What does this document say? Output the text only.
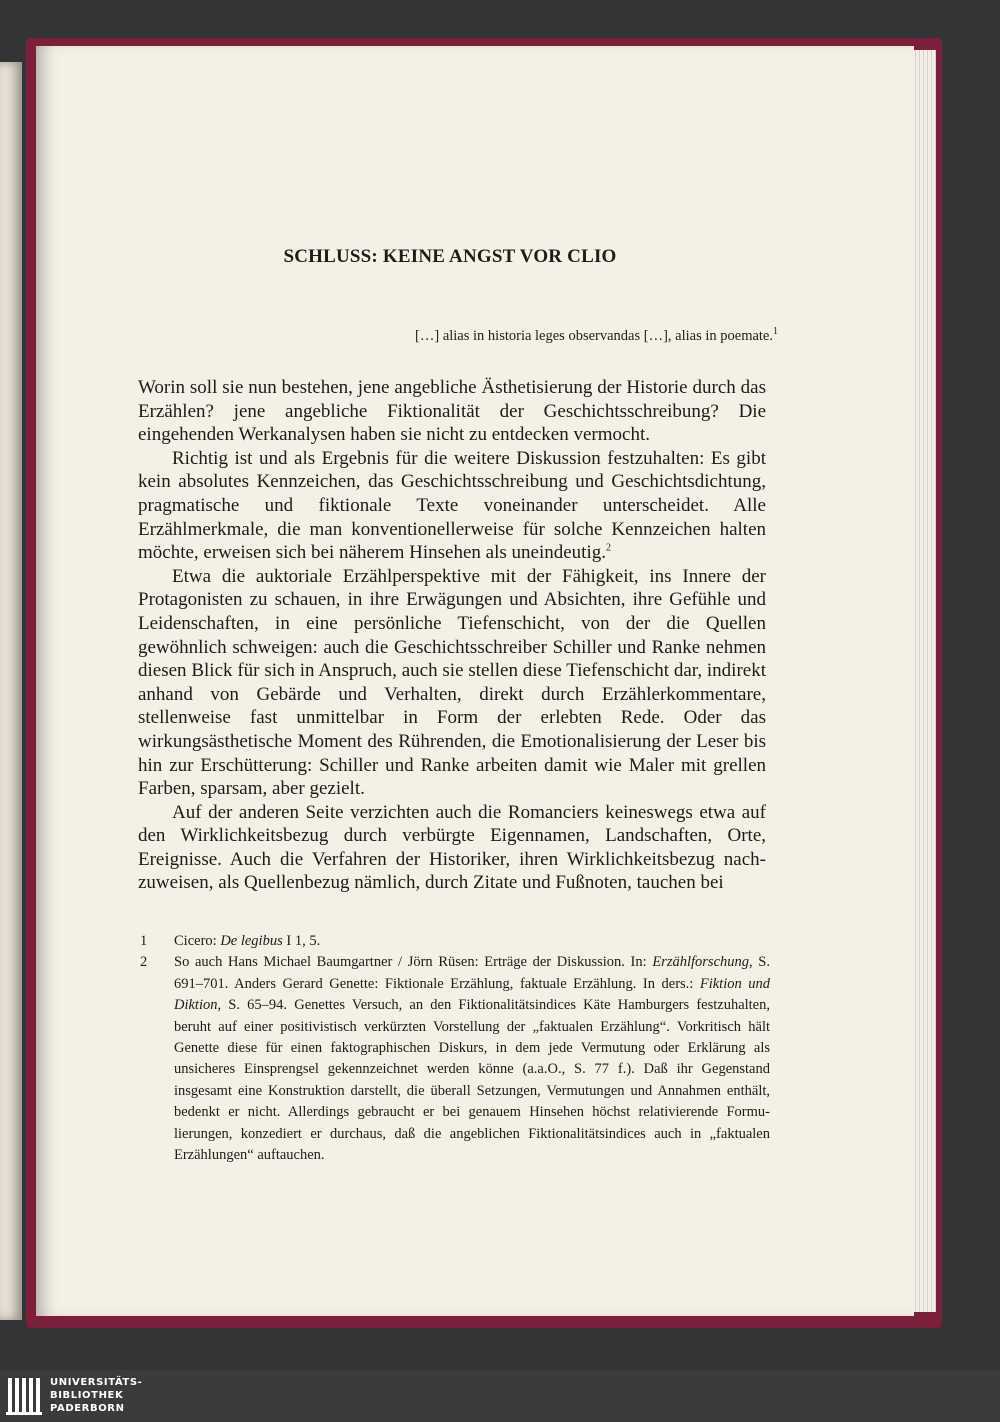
SCHLUSS: KEINE ANGST VOR CLIO
[…] alias in historia leges observandas […], alias in poemate.$^1$

Worin soll sie nun bestehen, jene angebliche Ästhetisierung der Historie durch das Erzählen? jene angebliche Fiktionalität der Geschichtsschreibung? Die eingehenden Werkanalysen haben sie nicht zu entdecken vermocht.

Richtig ist und als Ergebnis für die weitere Diskussion festzuhalten: Es gibt kein absolutes Kennzeichen, das Geschichtsschreibung und Geschichtsdichtung, pragmatische und fiktionale Texte voneinander unterscheidet. Alle Erzählmerkmale, die man konventionellerweise für solche Kennzeichen halten möchte, erweisen sich bei näherem Hinsehen als uneindeutig.$^2$

Etwa die auktoriale Erzählperspektive mit der Fähigkeit, ins Innere der Protagonisten zu schauen, in ihre Erwägungen und Absichten, ihre Gefühle und Leidenschaften, in eine persönliche Tiefenschicht, von der die Quellen gewöhnlich schweigen: auch die Geschichtsschreiber Schiller und Ranke nehmen diesen Blick für sich in Anspruch, auch sie stellen diese Tiefenschicht dar, indirekt anhand von Gebärde und Verhalten, direkt durch Erzählerkommentare, stellenweise fast unmittelbar in Form der erlebten Rede. Oder das wirkungsästhetische Moment des Rührenden, die Emotionalisierung der Leser bis hin zur Erschütterung: Schiller und Ranke arbeiten damit wie Maler mit grellen Farben, sparsam, aber gezielt.

Auf der anderen Seite verzichten auch die Romanciers keineswegs etwa auf den Wirklichkeitsbezug durch verbürgte Eigennamen, Landschaften, Orte, Ereignisse. Auch die Verfahren der Historiker, ihren Wirklichkeitsbezug nachzuweisen, als Quellenbezug nämlich, durch Zitate und Fußnoten, tauchen bei

1 Cicero: De legibus I 1, 5.
2 So auch Hans Michael Baumgartner / Jörn Rüsen: Erträge der Diskussion. In: Erzählforschung, S. 691–701. Anders Gerard Genette: Fiktionale Erzählung, faktuale Erzählung. In ders.: Fiktion und Diktion, S. 65–94. Genettes Versuch, an den Fiktionalitätsindices Käte Hamburgers festzuhalten, beruht auf einer positivistisch verkürzten Vorstellung der „faktualen Erzählung“. Vorkritisch hält Genette diese für einen faktographischen Diskurs, in dem jede Vermutung oder Erklärung als unsicheres Einsprengsel gekennzeichnet werden könne (a.a.O., S. 77 f.). Daß ihr Gegenstand insgesamt eine Konstruktion darstellt, die überall Setzungen, Vermutungen und Annahmen enthält, bedenkt er nicht. Allerdings gebraucht er bei genauem Hinsehen höchst relativierende Formulierungen, konzediert er durchaus, daß die angeblichen Fiktionalitätsindices auch in „faktualen Erzählungen“ auftauchen.
UNIVERSITÄTS-
BIBLIOTHEK
PADERBORN
